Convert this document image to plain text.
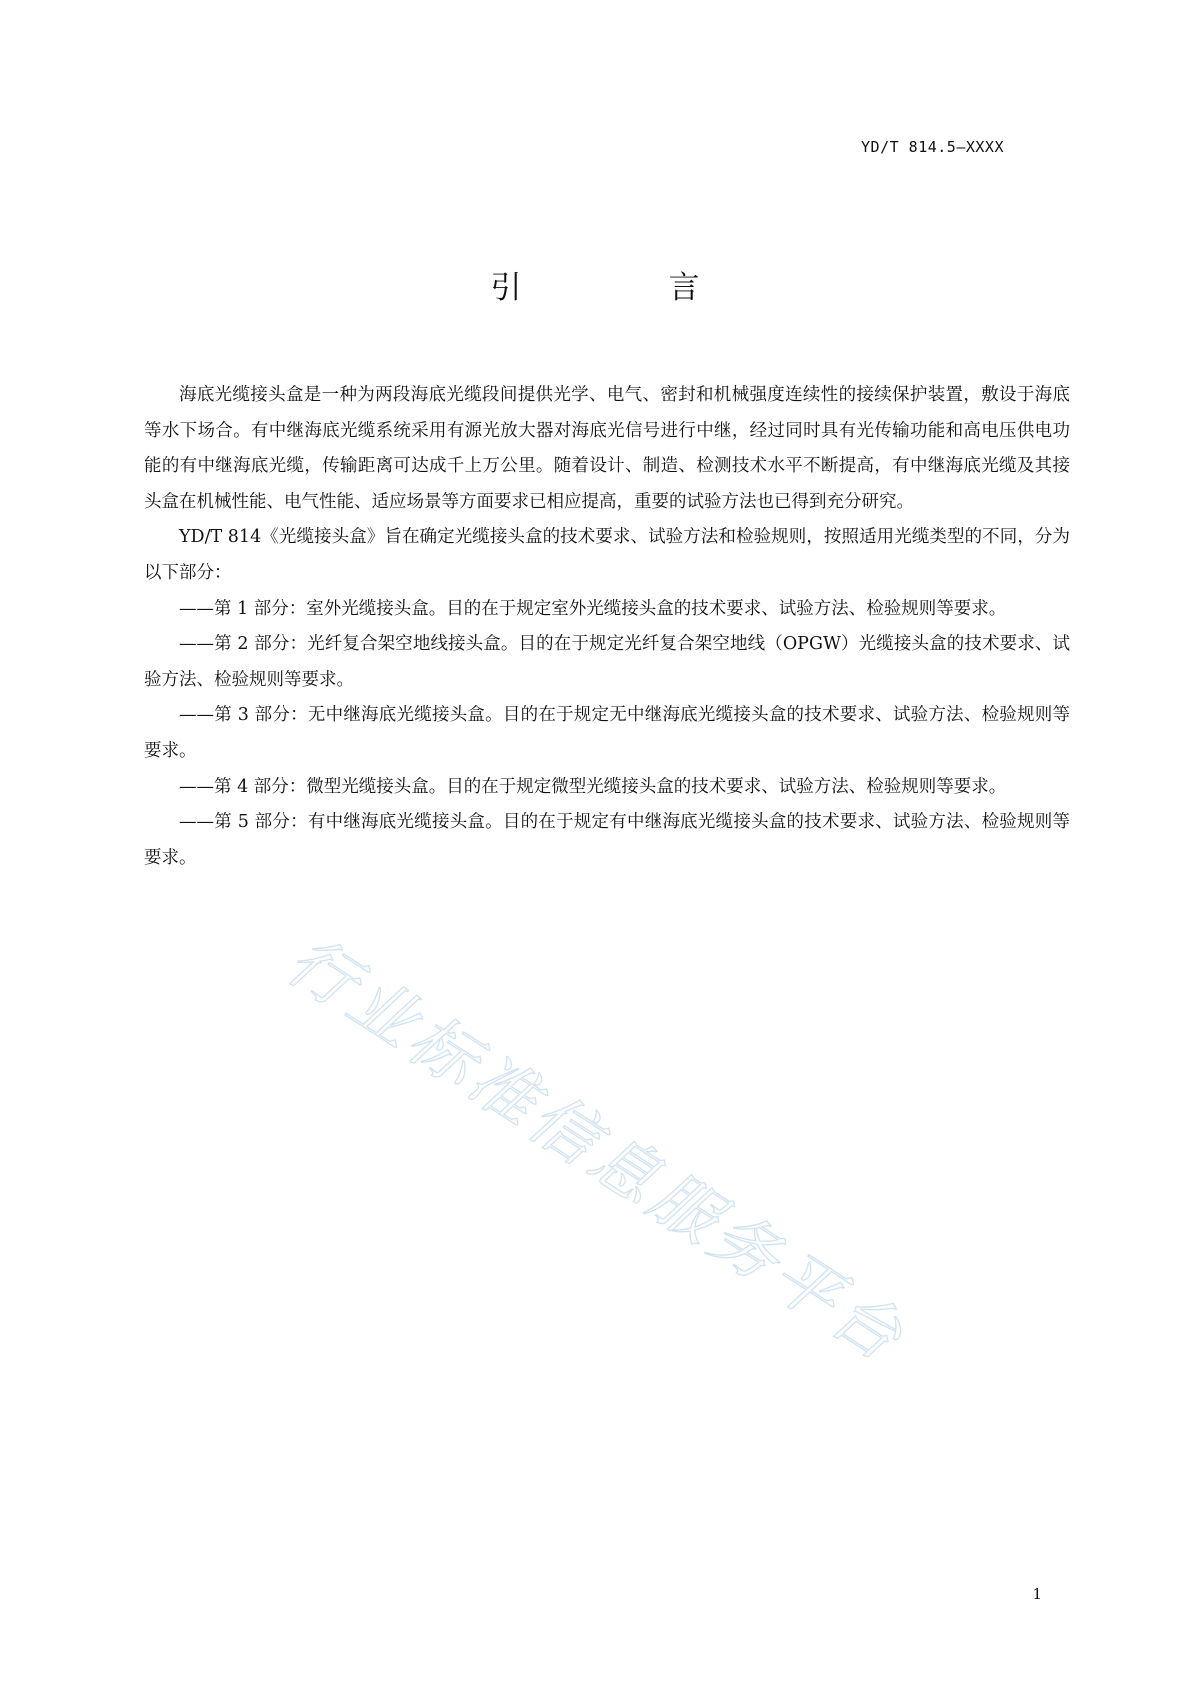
YD/T 814.5—XXXX
引　言

海底光缆接头盒是一种为两段海底光缆段间提供光学、电气、密封和机械强度连续性的接续保护装置，敷设于海底等水下场合。有中继海底光缆系统采用有源光放大器对海底光信号进行中继，经过同时具有光传输功能和高电压供电功能的有中继海底光缆，传输距离可达成千上万公里。随着设计、制造、检测技术水平不断提高，有中继海底光缆及其接头盒在机械性能、电气性能、适应场景等方面要求已相应提高，重要的试验方法也已得到充分研究。

YD/T 814《光缆接头盒》旨在确定光缆接头盒的技术要求、试验方法和检验规则，按照适用光缆类型的不同，分为以下部分：

——第 1 部分：室外光缆接头盒。目的在于规定室外光缆接头盒的技术要求、试验方法、检验规则等要求。

——第 2 部分：光纤复合架空地线接头盒。目的在于规定光纤复合架空地线（OPGW）光缆接头盒的技术要求、试验方法、检验规则等要求。

——第 3 部分：无中继海底光缆接头盒。目的在于规定无中继海底光缆接头盒的技术要求、试验方法、检验规则等要求。

——第 4 部分：微型光缆接头盒。目的在于规定微型光缆接头盒的技术要求、试验方法、检验规则等要求。

——第 5 部分：有中继海底光缆接头盒。目的在于规定有中继海底光缆接头盒的技术要求、试验方法、检验规则等要求。

行业标准信息服务平台
1
